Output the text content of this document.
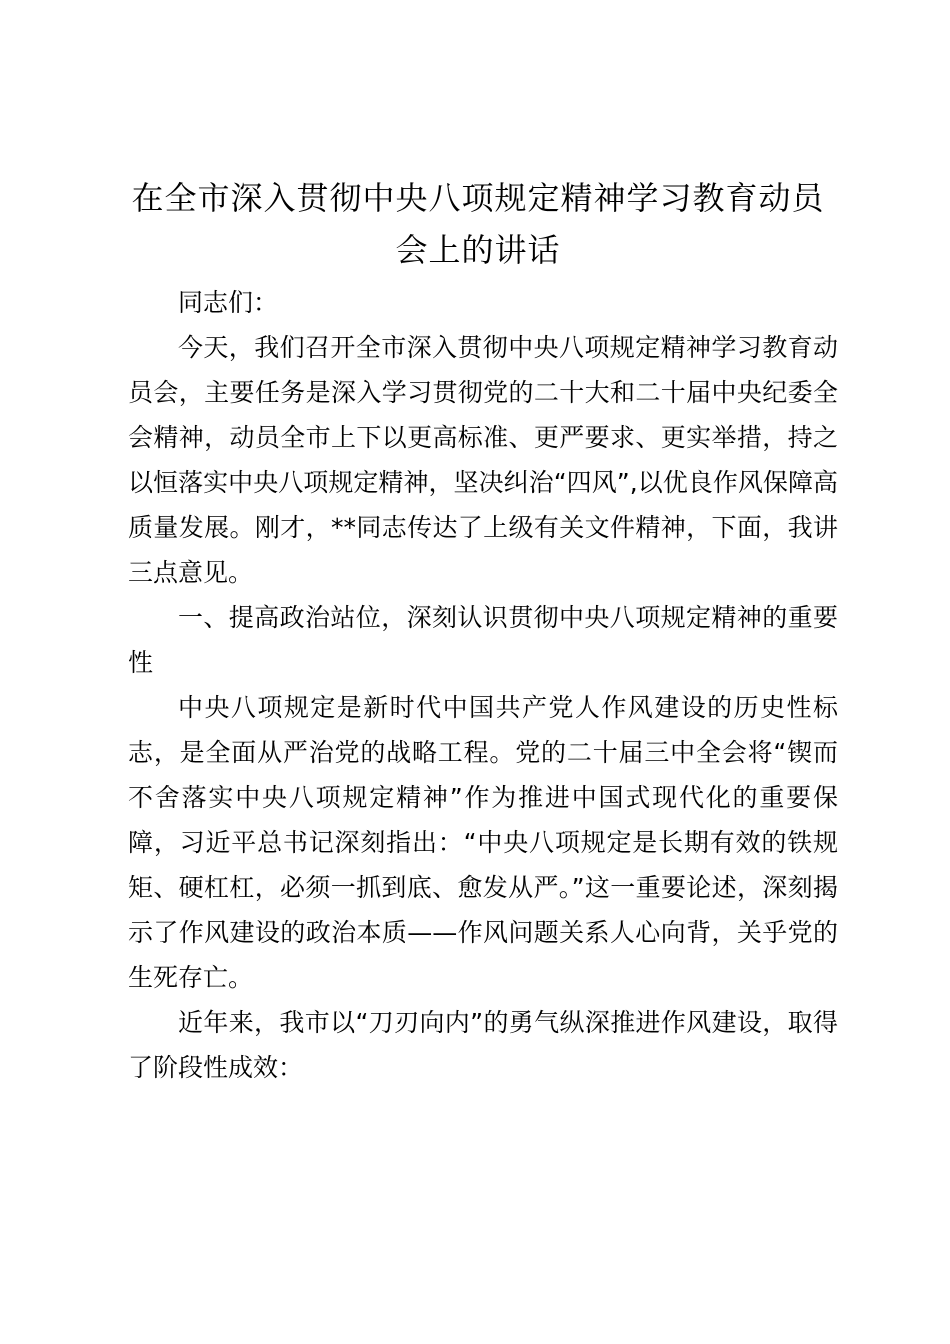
在全市深入贯彻中央八项规定精神学习教育动员会上的讲话

同志们：

今天，我们召开全市深入贯彻中央八项规定精神学习教育动员会，主要任务是深入学习贯彻党的二十大和二十届中央纪委全会精神，动员全市上下以更高标准、更严要求、更实举措，持之以恒落实中央八项规定精神，坚决纠治“四风”,以优良作风保障高质量发展。刚才，**同志传达了上级有关文件精神，下面，我讲三点意见。

一、提高政治站位，深刻认识贯彻中央八项规定精神的重要性

中央八项规定是新时代中国共产党人作风建设的历史性标志，是全面从严治党的战略工程。党的二十届三中全会将“锲而不舍落实中央八项规定精神”作为推进中国式现代化的重要保障，习近平总书记深刻指出：“中央八项规定是长期有效的铁规矩、硬杠杠，必须一抓到底、愈发从严。”这一重要论述，深刻揭示了作风建设的政治本质——作风问题关系人心向背，关乎党的生死存亡。

近年来，我市以“刀刃向内”的勇气纵深推进作风建设，取得了阶段性成效：
